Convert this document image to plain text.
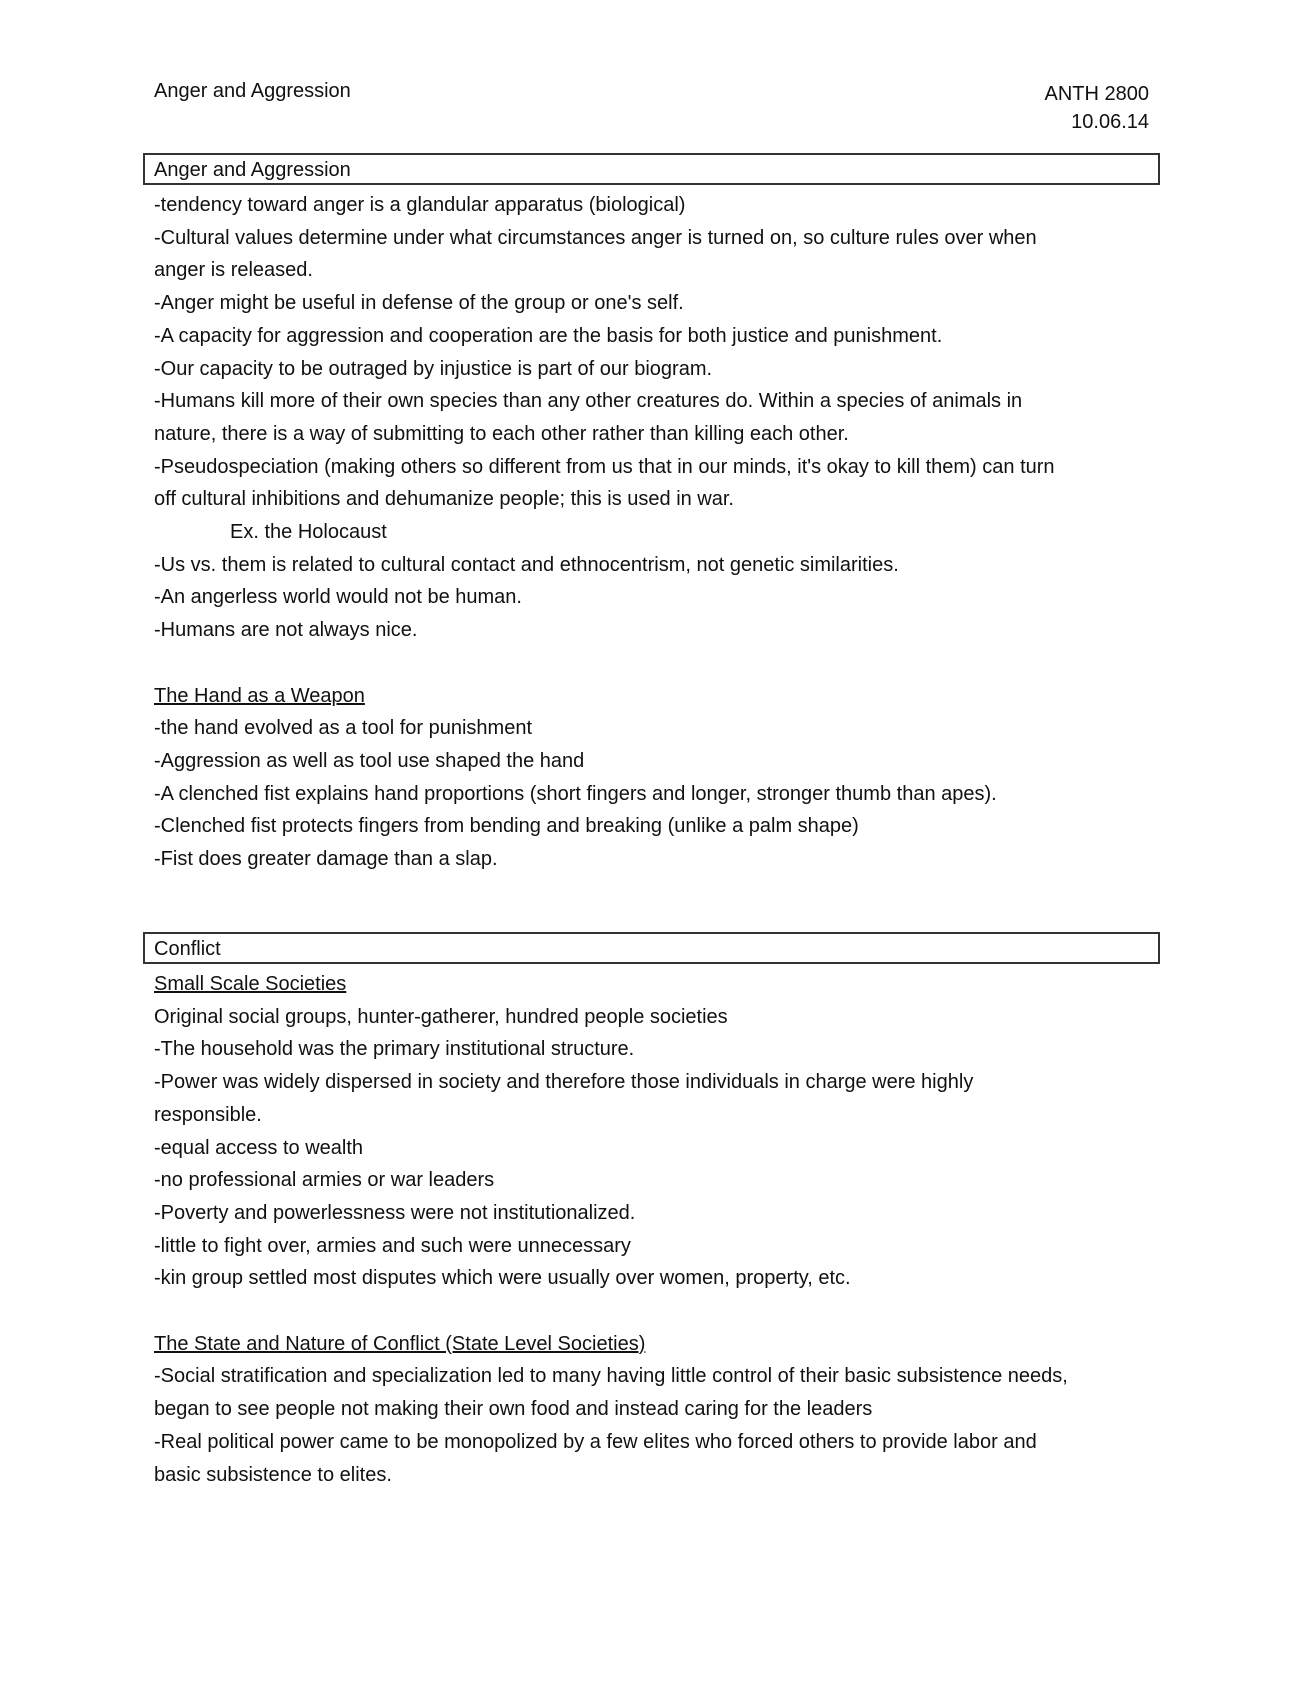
Anger and Aggression	ANTH 2800
10.06.14
Anger and Aggression

-tendency toward anger is a glandular apparatus (biological)

-Cultural values determine under what circumstances anger is turned on, so culture rules over when

anger is released.

-Anger might be useful in defense of the group or one's self.

-A capacity for aggression and cooperation are the basis for both justice and punishment.

-Our capacity to be outraged by injustice is part of our biogram.

-Humans kill more of their own species than any other creatures do. Within a species of animals in

nature, there is a way of submitting to each other rather than killing each other.

-Pseudospeciation (making others so different from us that in our minds, it's okay to kill them) can turn

off cultural inhibitions and dehumanize people; this is used in war.

Ex. the Holocaust

-Us vs. them is related to cultural contact and ethnocentrism, not genetic similarities.

-An angerless world would not be human.

-Humans are not always nice.

The Hand as a Weapon

-the hand evolved as a tool for punishment

-Aggression as well as tool use shaped the hand

-A clenched fist explains hand proportions (short fingers and longer, stronger thumb than apes).

-Clenched fist protects fingers from bending and breaking (unlike a palm shape)

-Fist does greater damage than a slap.

Conflict

Small Scale Societies

Original social groups, hunter-gatherer, hundred people societies

-The household was the primary institutional structure.

-Power was widely dispersed in society and therefore those individuals in charge were highly

responsible.

-equal access to wealth

-no professional armies or war leaders

-Poverty and powerlessness were not institutionalized.

-little to fight over, armies and such were unnecessary

-kin group settled most disputes which were usually over women, property, etc.

The State and Nature of Conflict (State Level Societies)

-Social stratification and specialization led to many having little control of their basic subsistence needs,

began to see people not making their own food and instead caring for the leaders

-Real political power came to be monopolized by a few elites who forced others to provide labor and

basic subsistence to elites.
